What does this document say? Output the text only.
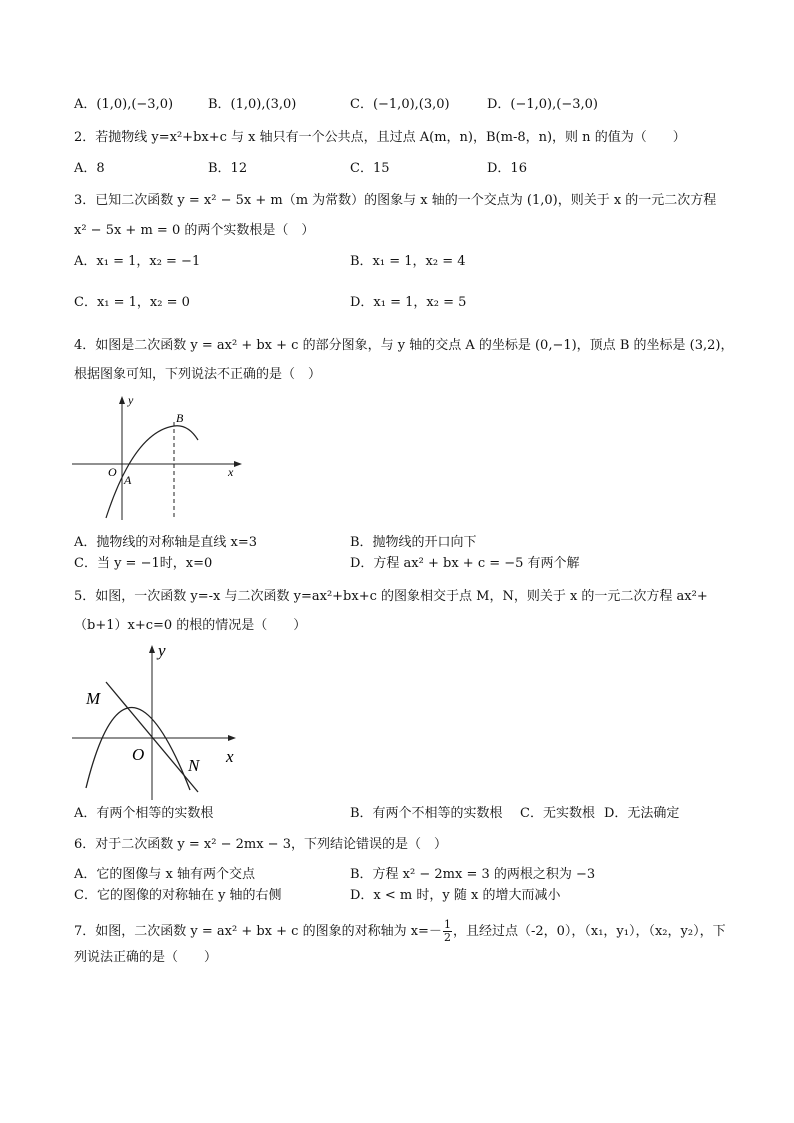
A．(1,0),(−3,0)	B．(1,0),(3,0)	C．(−1,0),(3,0)	D．(−1,0),(−3,0)
2．若抛物线 y=x²+bx+c 与 x 轴只有一个公共点，且过点 A(m，n)，B(m-8，n)，则 n 的值为（　　）
A．8	B．12	C．15	D．16
3．已知二次函数 y = x² − 5x + m（m 为常数）的图象与 x 轴的一个交点为 (1,0)，则关于 x 的一元二次方程
x² − 5x + m = 0 的两个实数根是（　）
A．x₁ = 1，x₂ = −1	B．x₁ = 1，x₂ = 4
C．x₁ = 1，x₂ = 0	D．x₁ = 1，x₂ = 5
4．如图是二次函数 y = ax² + bx + c 的部分图象，与 y 轴的交点 A 的坐标是 (0,−1)，顶点 B 的坐标是 (3,2)，
根据图象可知，下列说法不正确的是（　）
y
x
O
A
B
A．抛物线的对称轴是直线 x=3	B．抛物线的开口向下
C．当 y = −1时，x=0	D．方程 ax² + bx + c = −5 有两个解
5．如图，一次函数 y=-x 与二次函数 y=ax²+bx+c 的图象相交于点 M，N，则关于 x 的一元二次方程 ax²+
（b+1）x+c=0 的根的情况是（　　）
y
x
O
M
N
A．有两个相等的实数根	B．有两个不相等的实数根 C．无实数根 D．无法确定
6．对于二次函数 y = x² − 2mx − 3，下列结论错误的是（　）
A．它的图像与 x 轴有两个交点	B．方程 x² − 2mx = 3 的两根之积为 −3
C．它的图像的对称轴在 y 轴的右侧	D．x < m 时，y 随 x 的增大而减小
7．如图，二次函数 y = ax² + bx + c 的图象的对称轴为 $x=- \frac{1}{2}$ ，且经过点（-2，0），（x₁，y₁），（x₂，y₂），下
列说法正确的是（　　）
